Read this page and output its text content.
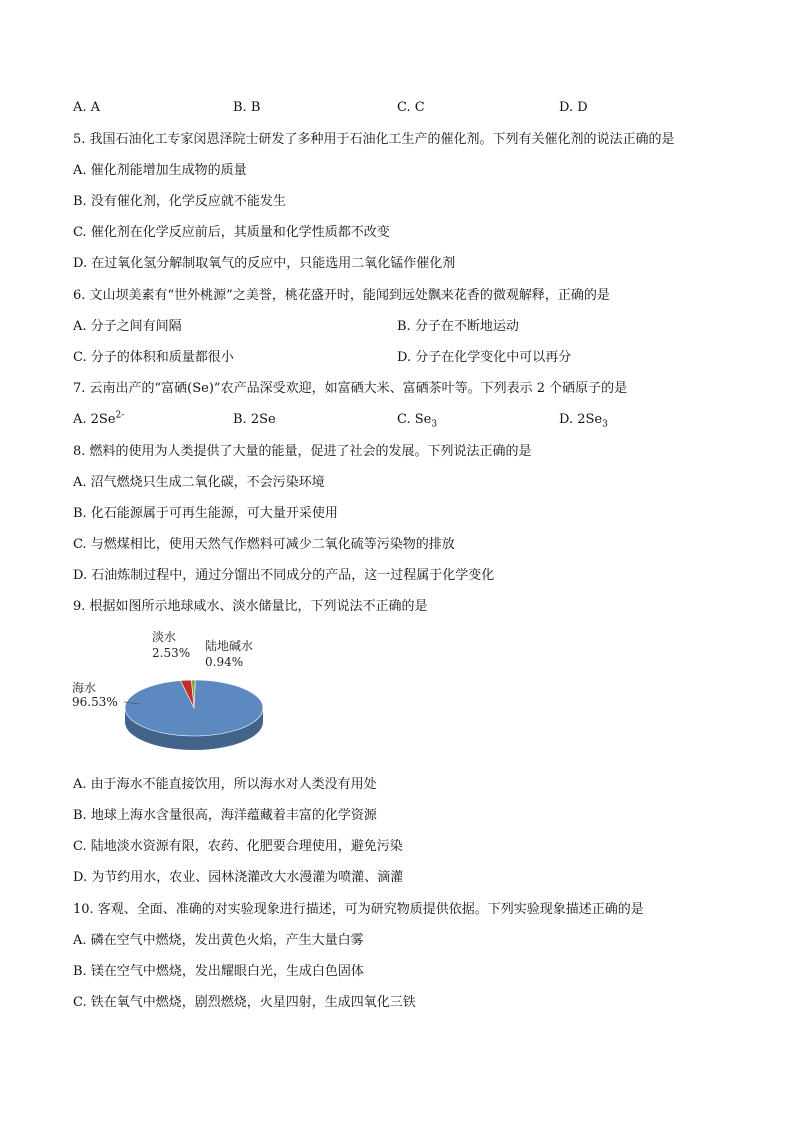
A. A	B. B	C. C	D. D
5. 我国石油化工专家闵恩泽院士研发了多种用于石油化工生产的催化剂。下列有关催化剂的说法正确的是
A. 催化剂能增加生成物的质量
B. 没有催化剂，化学反应就不能发生
C. 催化剂在化学反应前后，其质量和化学性质都不改变
D. 在过氧化氢分解制取氧气的反应中，只能选用二氧化锰作催化剂
6. 文山坝美素有“世外桃源”之美誉，桃花盛开时，能闻到远处飘来花香的微观解释，正确的是
A. 分子之间有间隔	B. 分子在不断地运动
C. 分子的体积和质量都很小	D. 分子在化学变化中可以再分
7. 云南出产的“富硒(Se)”农产品深受欢迎，如富硒大米、富硒茶叶等。下列表示 2 个硒原子的是
A. $2Se^{2-}$	B. 2Se	C. $Se_3$	D. $2Se_3$
8. 燃料的使用为人类提供了大量的能量，促进了社会的发展。下列说法正确的是
A. 沼气燃烧只生成二氧化碳，不会污染环境
B. 化石能源属于可再生能源，可大量开采使用
C. 与燃煤相比，使用天然气作燃料可减少二氧化硫等污染物的排放
D. 石油炼制过程中，通过分馏出不同成分的产品，这一过程属于化学变化
9. 根据如图所示地球咸水、淡水储量比，下列说法不正确的是
海水
96.53%
淡水
2.53% 陆地碱水
0.94%
A. 由于海水不能直接饮用，所以海水对人类没有用处
B. 地球上海水含量很高，海洋蕴藏着丰富的化学资源
C. 陆地淡水资源有限，农药、化肥要合理使用，避免污染
D. 为节约用水，农业、园林浇灌改大水漫灌为喷灌、滴灌
10. 客观、全面、准确的对实验现象进行描述，可为研究物质提供依据。下列实验现象描述正确的是
A. 磷在空气中燃烧，发出黄色火焰，产生大量白雾
B. 镁在空气中燃烧，发出耀眼白光，生成白色固体
C. 铁在氧气中燃烧，剧烈燃烧，火星四射，生成四氧化三铁
